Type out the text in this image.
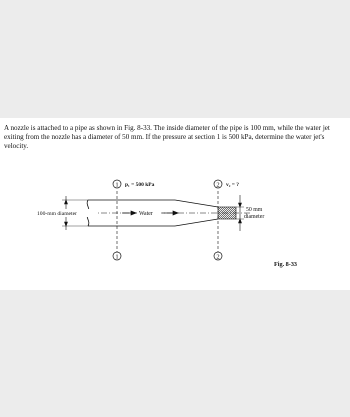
A nozzle is attached to a pipe as shown in Fig. 8-33. The inside diameter of the pipe is 100 mm, while the water jet exiting from the nozzle has a diameter of 50 mm. If the pressure at section 1 is 500 kPa, determine the water jet's velocity.

1
1
2
2
p₁ = 500 kPa	v₂ = ?
100-mm diameter	Water
50 mm
diameter
Fig. 8-33
